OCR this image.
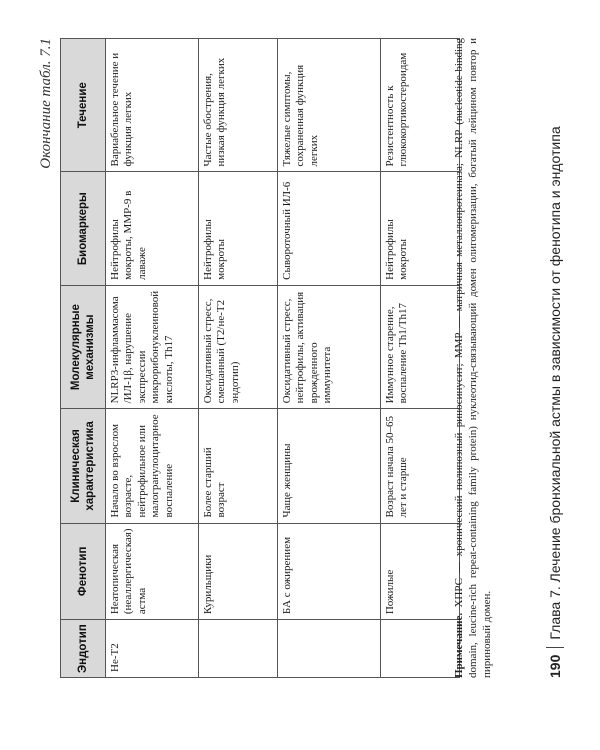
Окончание табл. 7.1
Эндотип	Фенотип	Клиническая характеристика	Молекулярные механизмы	Биомаркеры	Течение
Не-Т2	Неатопическая (неаллергическая) астма	Начало во взрослом возрасте, нейтрофильное или малогранулоцитарное воспаление	NLRP3-инфламмасома /ИЛ-1β, нарушение экспрессии микрорибонуклеиновой кислоты, Th17	Нейтрофилы мокроты, ММР-9 в лаваже	Вариабельное течение и функция легких
	Курильщики	Более старший возраст	Оксидативный стресс, смешанный (Т2/не-Т2 эндотип)	Нейтрофилы мокроты	Частые обострения, низкая функция легких
	БА с ожирением	Чаще женщины	Оксидативный стресс, нейтрофилы, активация врожденного иммунитета	Сывороточный ИЛ-6	Тяжелые симптомы, сохраненная функция легких
	Пожилые	Возраст начала 50–65 лет и старше	Иммунное старение, воспаление Th1/Th17	Нейтрофилы мокроты	Резистентность к глюкокортикостероидам
Примечание. ХПРС — хронический полипозный риносинусит; MMP — матричная металлопротеиназа; NLRP (nucleotide-binding domain, leucine-rich repeat-containing family protein) нуклеотид-связывающий домен олигомеризации, богатый лейцином повтор и пириновый домен.	190
Глава 7. Лечение бронхиальной астмы в зависимости от фенотипа и эндотипа
